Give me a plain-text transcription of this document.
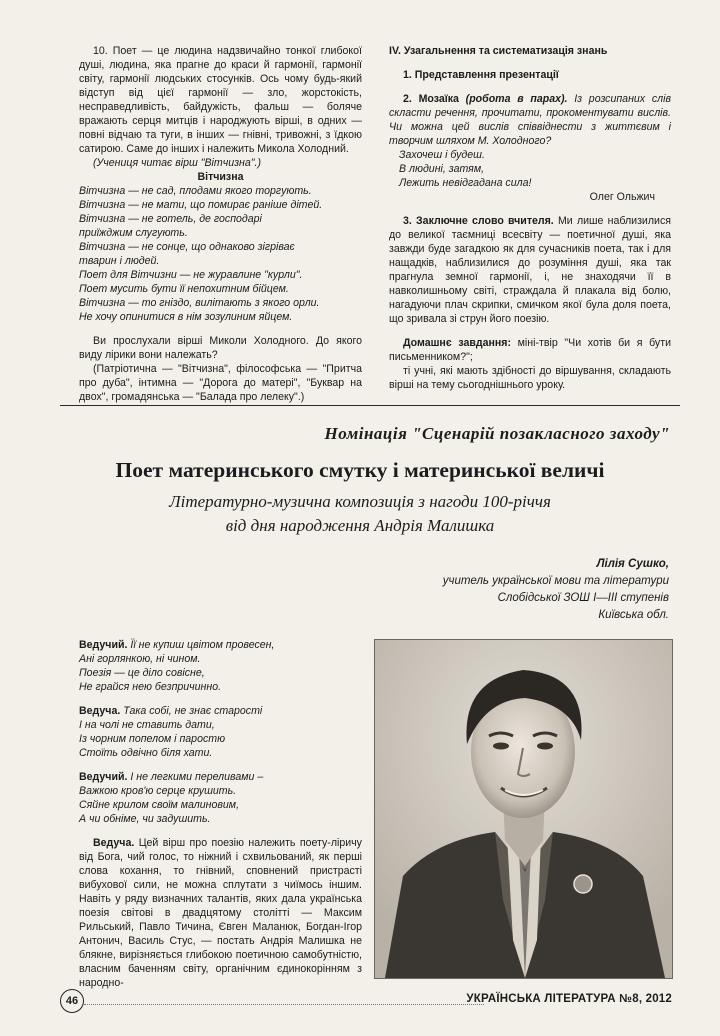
10. Поет — це людина надзвичайно тонкої глибокої душі, людина, яка прагне до краси й гармонії, гармонії світу, гармонії людських стосунків. Ось чому будь-який відступ від цієї гармонії — зло, жорстокість, несправедливість, байдужість, фальш — боляче вражають серця митців і народжують вірші, в одних — повні відчаю та туги, в інших — гнівні, тривожні, з їдкою сатирою. Саме до інших і належить Микола Холодний.

(Учениця читає вірш "Вітчизна".)

Вітчизна

Вітчизна — не сад, плодами якого торгують.
Вітчизна — не мати, що помирає раніше дітей.
Вітчизна — не готель, де господарі
приїжджим слугують.
Вітчизна — не сонце, що однаково зігріває
тварин і людей.
Поет для Вітчизни — не журавлине "курли".
Поет мусить бути її непохитним бійцем.
Вітчизна — то гніздо, вилітають з якого орли.
Не хочу опинитися в нім зозулиним яйцем.

Ви прослухали вірші Миколи Холодного. До якого виду лірики вони належать?

(Патріотична — "Вітчизна", філософська — "Притча про дуба", інтимна — "Дорога до матері", "Буквар на двох", громадянська — "Балада про лелеку".)

IV. Узагальнення та систематизація знань

1. Представлення презентації

2. Мозаїка (робота в парах). Із розсипаних слів скласти речення, прочитати, прокоментувати вислів. Чи можна цей вислів співвіднести з життєвим і творчим шляхом М. Холодного?

Захочеш і будеш.
В людині, затям,
Лежить невідгадана сила!

Олег Ольжич

3. Заключне слово вчителя. Ми лише наблизилися до великої таємниці всесвіту — поетичної душі, яка завжди буде загадкою як для сучасників поета, так і для нащадків, наблизилися до розуміння душі, яка так прагнула земної гармонії, і, не знаходячи її в навколишньому світі, страждала й плакала від болю, нагадуючи плач скрипки, смичком якої була доля поета, що зривала зі струн його поезію.

Домашнє завдання: міні-твір "Чи хотів би я бути письменником?";

ті учні, які мають здібності до віршування, складають вірші на тему сьогоднішнього уроку.

Номінація "Сценарій позакласного заходу"
Поет материнського смутку і материнської величі
Літературно-музична композиція з нагоди 100-річчя
від дня народження Андрія Малишка
Лілія Сушко,
учитель української мови та літератури
Слобідської ЗОШ І—ІІІ ступенів
Київська обл.
Ведучий. Її не купиш цвітом провесен,
Ані горлянкою, ні чином.
Поезія — це діло совісне,
Не грайся нею безпричинно.
Ведуча. Така собі, не знає старості
І на чолі не ставить дати,
Із чорним попелом і паростю
Стоїть одвічно біля хати.
Ведучий. І не легкими переливами –
Важкою кров'ю серце крушить.
Сяйне крилом своїм малиновим,
А чи обніме, чи задушить.

Ведуча. Цей вірш про поезію належить поету-ліричу від Бога, чий голос, то ніжний і схвильований, як перші слова кохання, то гнівний, сповнений пристрасті вибухової сили, не можна сплутати з чиїмось іншим. Навіть у ряду визначних талантів, яких дала українська поезія світові в двадцятому столітті — Максим Рильський, Павло Тичина, Євген Маланюк, Богдан-Ігор Антонич, Василь Стус, — постать Андрія Малишка не блякне, вирізняється глибокою поетичною самобутністю, власним баченням світу, органічним єдинокорінням з народно-

46	УКРАЇНСЬКА ЛІТЕРАТУРА №8, 2012
